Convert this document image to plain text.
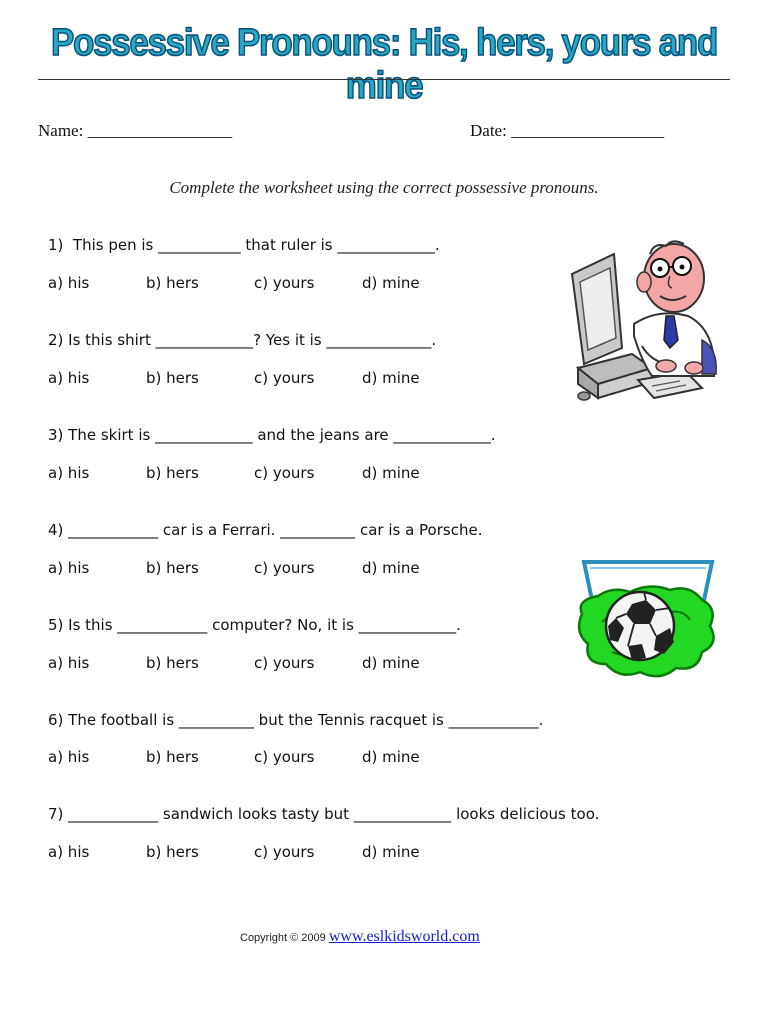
Possessive Pronouns: His, hers, yours and mine
Name: _________________	Date: __________________
Complete the worksheet using the correct possessive pronouns.
1)  This pen is ___________ that ruler is _____________.
a) his	b) hers	c) yours	d) mine
2) Is this shirt _____________? Yes it is ______________.
a) his	b) hers	c) yours	d) mine
3) The skirt is _____________ and the jeans are _____________.
a) his	b) hers	c) yours	d) mine
4) ____________ car is a Ferrari. __________ car is a Porsche.
a) his	b) hers	c) yours	d) mine
5) Is this ____________ computer? No, it is _____________.
a) his	b) hers	c) yours	d) mine
6) The football is __________ but the Tennis racquet is ____________.
a) his	b) hers	c) yours	d) mine
7) ____________ sandwich looks tasty but _____________ looks delicious too.
a) his	b) hers	c) yours	d) mine
Copyright © 2009 www.eslkidsworld.com
